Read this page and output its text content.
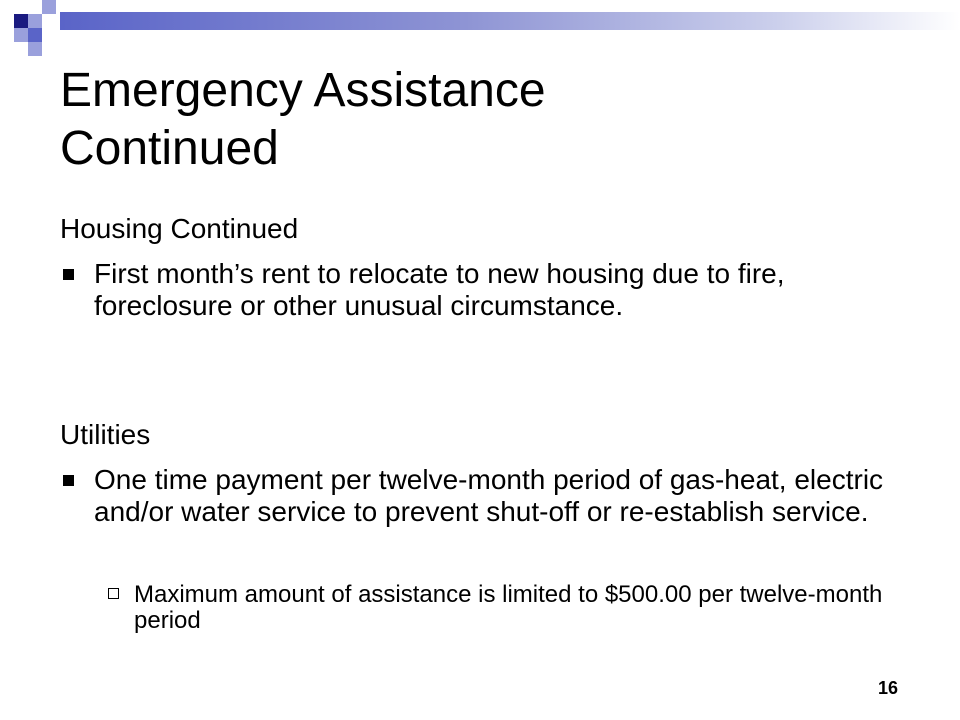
Emergency Assistance
Continued
Housing Continued
First month’s rent to relocate to new housing due to fire, foreclosure or other unusual circumstance.
Utilities
One time payment per twelve-month period of gas-heat, electric and/or water service to prevent shut-off or re-establish service.
Maximum amount of assistance is limited to $500.00 per twelve-month period
16
